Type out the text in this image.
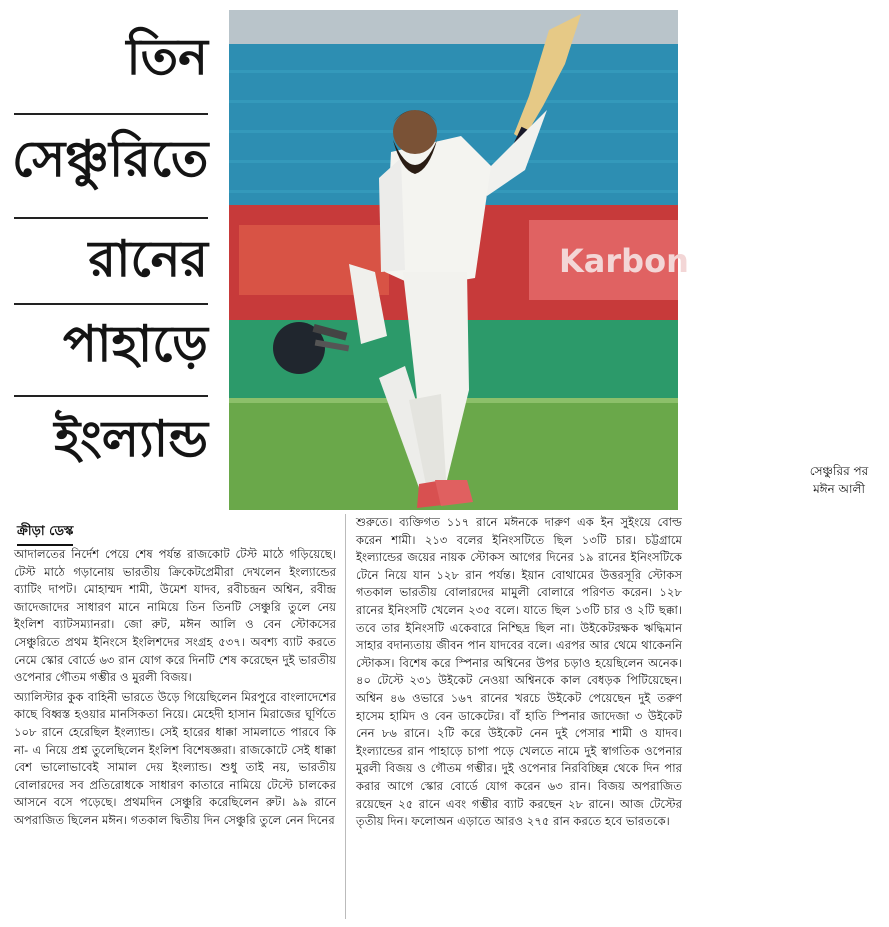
তিন
সেঞ্চুরিতে
রানের
পাহাড়ে
ইংল্যান্ড
Karbon
সেঞ্চুরির পর
মঈন আলী
ক্রীড়া ডেস্ক

আদালতের নির্দেশ পেয়ে শেষ পর্যন্ত রাজকোট টেস্ট মাঠে গড়িয়েছে। টেস্ট মাঠে গড়ানোয় ভারতীয় ক্রিকেটপ্রেমীরা দেখলেন ইংল্যান্ডের ব্যাটিং দাপট। মোহাম্মদ শামী, উমেশ যাদব, রবীচন্দ্রন অশ্বিন, রবীন্দ্র জাদেজাদের সাধারণ মানে নামিয়ে তিন তিনটি সেঞ্চুরি তুলে নেয় ইংলিশ ব্যাটসম্যানরা। জো রুট, মঈন আলি ও বেন স্টোকসের সেঞ্চুরিতে প্রথম ইনিংসে ইংলিশদের সংগ্রহ ৫৩৭। অবশ্য ব্যাট করতে নেমে স্কোর বোর্ডে ৬৩ রান যোগ করে দিনটি শেষ করেছেন দুই ভারতীয় ওপেনার গৌতম গম্ভীর ও মুরলী বিজয়।

অ্যালিস্টার কুক বাহিনী ভারতে উড়ে গিয়েছিলেন মিরপুরে বাংলাদেশের কাছে বিধ্বস্ত হওয়ার মানসিকতা নিয়ে। মেহেদী হাসান মিরাজের ঘূর্ণিতে ১০৮ রানে হেরেছিল ইংল্যান্ড। সেই হারের ধাক্কা সামলাতে পারবে কি না- এ নিয়ে প্রশ্ন তুলেছিলেন ইংলিশ বিশেষজ্ঞরা। রাজকোটে সেই ধাক্কা বেশ ভালোভাবেই সামাল দেয় ইংল্যান্ড। শুধু তাই নয়, ভারতীয় বোলারদের সব প্রতিরোধকে সাধারণ কাতারে নামিয়ে টেস্টে চালকের আসনে বসে পড়েছে। প্রথমদিন সেঞ্চুরি করেছিলেন রুট। ৯৯ রানে অপরাজিত ছিলেন মঈন। গতকাল দ্বিতীয় দিন সেঞ্চুরি তুলে নেন দিনের

শুরুতে। ব্যক্তিগত ১১৭ রানে মঈনকে দারুণ এক ইন সুইংয়ে বোল্ড করেন শামী। ২১৩ বলের ইনিংসটিতে ছিল ১৩টি চার। চট্টগ্রামে ইংল্যান্ডের জয়ের নায়ক স্টোকস আগের দিনের ১৯ রানের ইনিংসটিকে টেনে নিয়ে যান ১২৮ রান পর্যন্ত। ইয়ান বোথামের উত্তরসূরি স্টোকস গতকাল ভারতীয় বোলারদের মামুলী বোলারে পরিণত করেন। ১২৮ রানের ইনিংসটি খেলেন ২৩৫ বলে। যাতে ছিল ১৩টি চার ও ২টি ছক্কা। তবে তার ইনিংসটি একেবারে নিশ্ছিদ্র ছিল না। উইকেটরক্ষক ঋদ্ধিমান সাহার বদান্যতায় জীবন পান যাদবের বলে। এরপর আর থেমে থাকেননি স্টোকস। বিশেষ করে স্পিনার অশ্বিনের উপর চড়াও হয়েছিলেন অনেক। ৪০ টেস্টে ২৩১ উইকেট নেওয়া অশ্বিনকে কাল বেধড়ক পিটিয়েছেন। অশ্বিন ৪৬ ওভারে ১৬৭ রানের খরচে উইকেট পেয়েছেন দুই তরুণ হাসেম হামিদ ও বেন ডাকেটের। বাঁ হাতি স্পিনার জাদেজা ৩ উইকেট নেন ৮৬ রানে। ২টি করে উইকেট নেন দুই পেসার শামী ও যাদব। ইংল্যান্ডের রান পাহাড়ে চাপা পড়ে খেলতে নামে দুই স্বাগতিক ওপেনার মুরলী বিজয় ও গৌতম গম্ভীর। দুই ওপেনার নিরবিচ্ছিন্ন থেকে দিন পার করার আগে স্কোর বোর্ডে যোগ করেন ৬৩ রান। বিজয় অপরাজিত রয়েছেন ২৫ রানে এবং গম্ভীর ব্যাট করছেন ২৮ রানে। আজ টেস্টের তৃতীয় দিন। ফলোঅন এড়াতে আরও ২৭৫ রান করতে হবে ভারতকে।
